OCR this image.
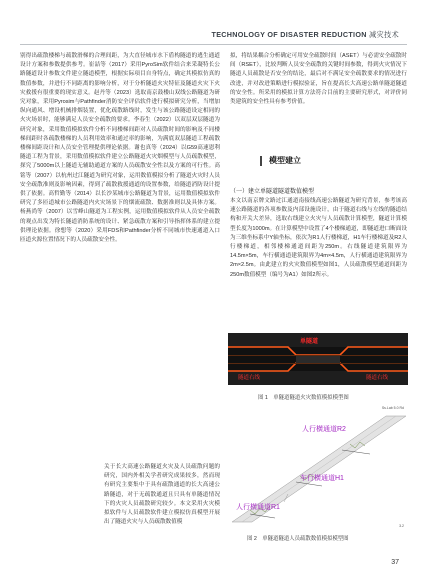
TECHNOLOGY OF DISASTER REDUCTION 减灾技术
别得出疏散楼梯与疏散滑梯的合理间距，为大直径城市水下盾构隧道的逃生通道设计方案和参数提供参考。崔喆等（2017）采用PyroSim软件结合来采凝特长公路隧道设计参数文件建立隧道模型，根据实际项目自身特点，确定其模拟仿真的数值参数，并进行不同距离的影响分析，对于分析隧道火灾特征及隧道火灾下火灾救援有很重要的现实意义。赵丹等（2023）选取南京鼓楼山双线公路隧道为研究对象，采用Pyrosim与Pathfinder消防安全评估软件进行模拟研究分析，当增加纵向通风、增设机械排烟装置，优化疏散路线时，发生与该公路隧道设定相同的火灾场景时，能够满足人员安全疏散的要求。李春生（2022）以双层双层隧道为研究对象，采用数值模拟软件分析不同楼梯间距对人员疏散时间的影响及不同楼梯间距时各疏散楼梯的人员利用效率和通过率的影响，为满底双层隧道工程疏散楼梯间距设计和人员安全管理提供理论依据。谢也真等（2024）以G59高速恩利隧道工程为背景，采用数值模拟软件建立公路隧道火灾烟模型与人员疏散模型，探究了5000m以上隧道无辅助通道方案的人员疏散安全性以及方案的可行性。高铭等（2007）以杭州过江隧道为研究对象，运用数值模拟分析了隧道火灾时人员安全疏散准则及影响因素，得到了疏散救援通道的设置参数，给隧道消防设计提供了依据。高哲勤等（2014）以长沙某城市公路隧道为背景，运用数值模拟软件研究了多匝道城市公路隧道内火灾场景下的烟流疏散、数据准则以及具体方案。杨燕尚等（2007）以雪峰山隧道为工程实例，运用数值模拟软件从人员安全疏散的观点出发为特长隧道消防系统的设计、紧急疏散方案和引导指挥体系的建立提供理论依据。徐想等（2020）采用FDS和Pathfinder分析不同城市快速通道入口匝道火源位置情况下的人员疏散安全性。
关于长大高速公路隧道火灾及人员疏散问题的研究，国内外相关学者研究成果较多，然而现有研究主要集中于具有疏散通道的长大高速公路隧道，对于无疏散通道且只具有单隧道情况下的火灾人员疏散研究较少。本文采用火灾模拟软件与人员疏散软件建立模拟仿真模型开展出了隧道火灾与人员疏散数值模
拟，将结果耦合分析确定可用安全疏散时间（ASET）与必需安全疏散时间（RSET），比较判断人员安全疏散的关键时间参数，得到火灾情况下隧道人员疏散是否安全的结论，最后对不满足安全疏散要求的情况进行改进，并对改进策略进行模拟验证，旨在提高长大高速公路单隧道隧道的安全性。所采用的模拟计算方法符合目前的主要研究形式，对评价同类建筑的安全性具有参考价值。
模型建立
（一）建立单隧道隧道数值模型
本文以南京牌文路过江通道南接线高速公路隧道为研究背景，参考该高速公路隧道的各项参数及内部设施设计，由于隧道右线与左线的隧道结构和开关大差异，选取右线建立火灾与人员疏散计算模型，隧道计算模型长度为1000m。在计算模型中设置了4个楼梯通道，即隧道进口断面设为三维坐标系中Y轴坐标，依次为R1人行楼梯道，H1车行楼梯道及R2人行楼梯道，相邻楼梯通道间距为250m。右线隧道建筑限界为14.5m×5m，车行横通道建筑限界为4m×4.5m，人行横通道建筑限界为2m×2.5m。由此建立的火灾数值模型如图1，人员疏散模型通道间距为250m数值模型（编号为A1）如图2所示。
单隧道
隧道右线	隧道右线
图 1　单隧道隧道火灾数值模拟模型图
Ss.Lab 5.0 Rd
人行横通道R2
车行横通道H1
人行横通道R1
3.2
图 2　单隧道隧道人员疏散数值模拟模型图
37
